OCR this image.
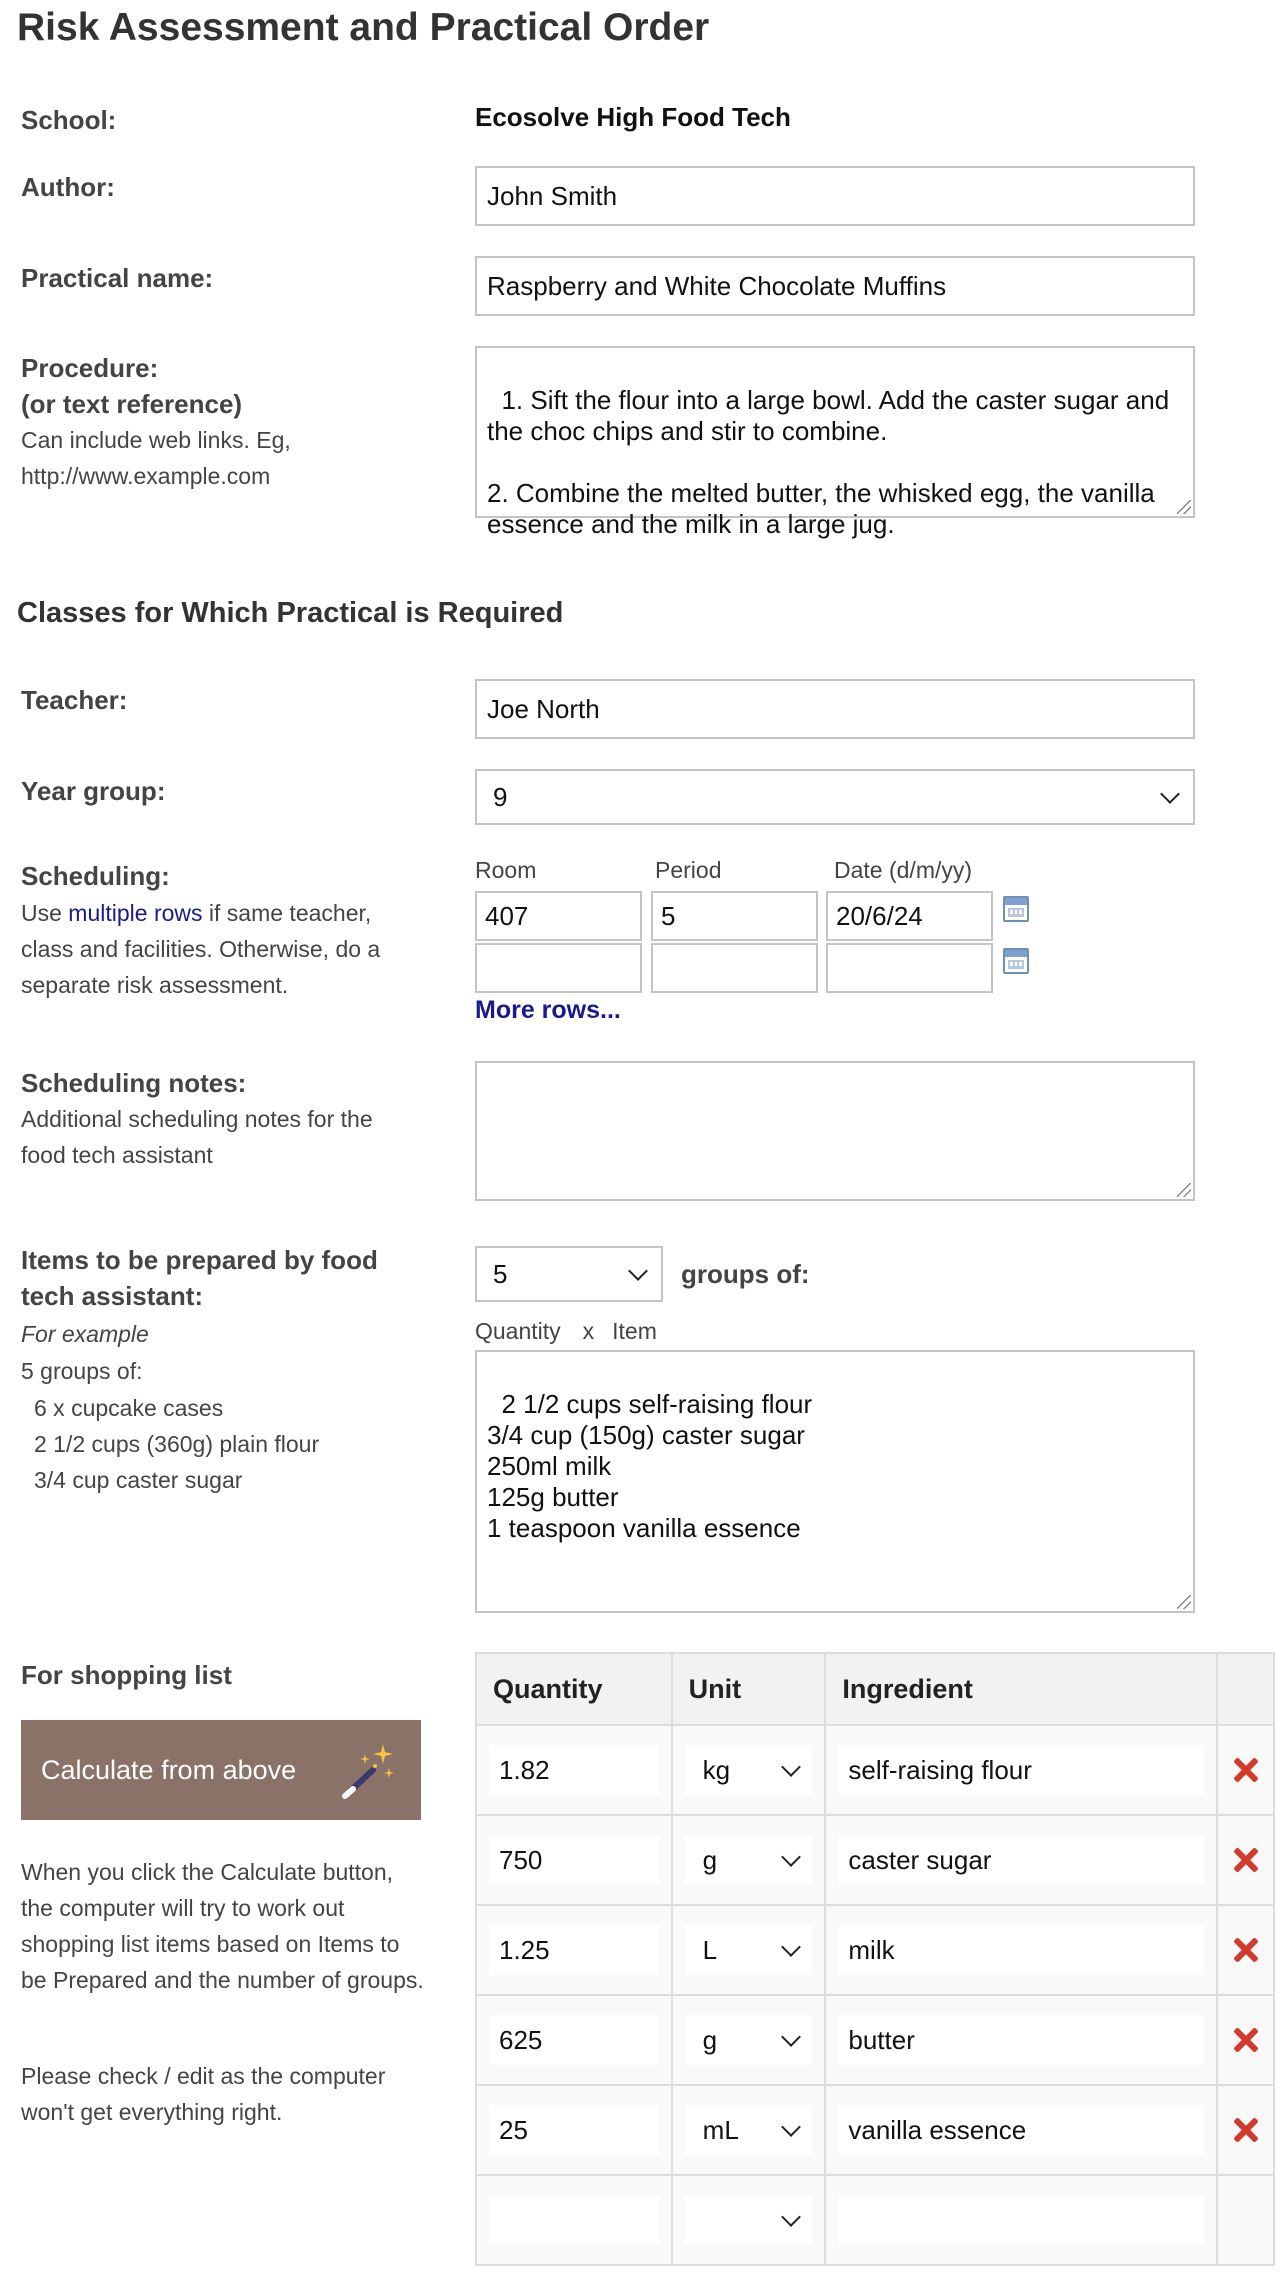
Risk Assessment and Practical Order
School:	Ecosolve High Food Tech
Author:	John Smith
Practical name:	Raspberry and White Chocolate Muffins
Procedure:
(or text reference)
Can include web links. Eg,
http://www.example.com

1. Sift the flour into a large bowl. Add the caster sugar and the choc chips and stir to combine.

2. Combine the melted butter, the whisked egg, the vanilla essence and the milk in a large jug.

Classes for Which Practical is Required
Teacher:	Joe North
Year group:	9
Scheduling:
Use multiple rows if same teacher,
class and facilities. Otherwise, do a
separate risk assessment.
Room	Period	Date (d/m/yy)
407	5	20/6/24
More rows...
Scheduling notes:
Additional scheduling notes for the
food tech assistant

Items to be prepared by food
tech assistant:
For example
5 groups of:
6 x cupcake cases
2 1/2 cups (360g) plain flour
3/4 cup caster sugar
5	groups of:
Quantity x Item

2 1/2 cups self-raising flour
3/4 cup (150g) caster sugar
250ml milk
125g butter
1 teaspoon vanilla essence

For shopping list
Calculate from above
When you click the Calculate button, the computer will try to work out shopping list items based on Items to be Prepared and the number of groups.
Please check / edit as the computer won't get everything right.
Quantity	Unit	Ingredient	

1.82	kg	self-raising flour	

750	g	caster sugar	

1.25	L	milk	

625	g	butter	

25	mL	vanilla essence	
